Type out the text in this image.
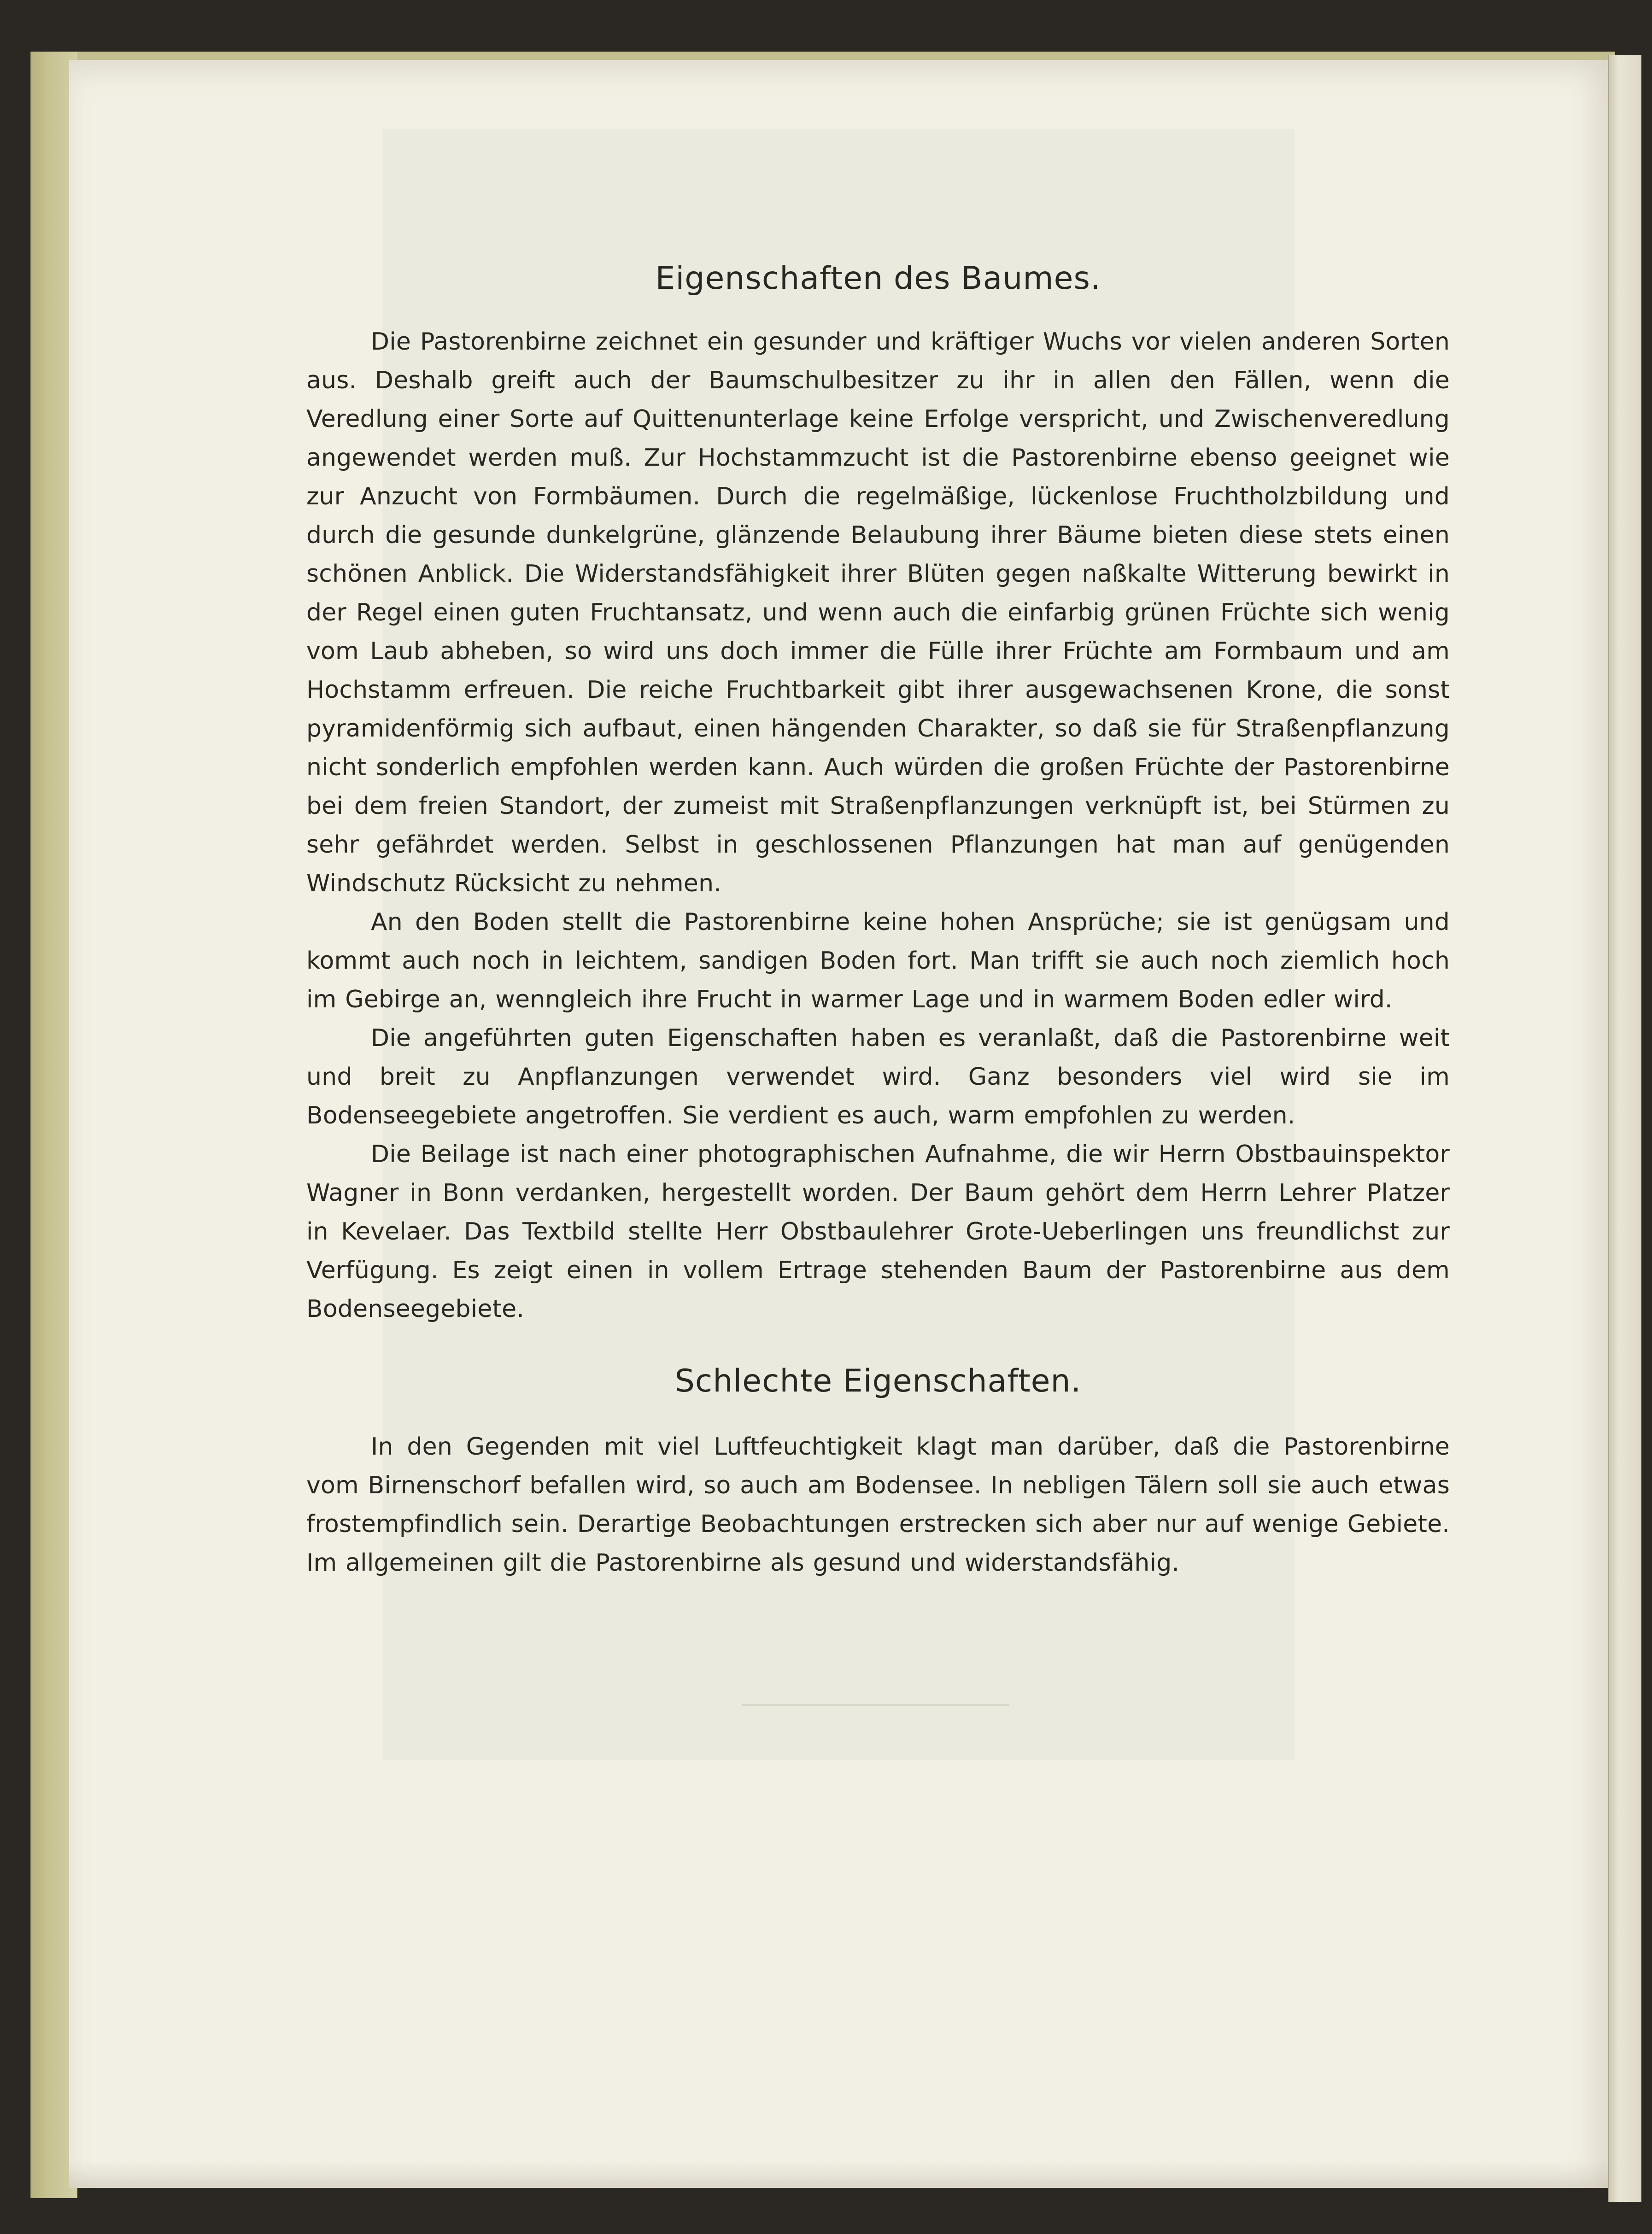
Eigenschaften des Baumes.

Die Pastorenbirne zeichnet ein gesunder und kräftiger Wuchs vor vielen anderen Sorten aus. Deshalb greift auch der Baumschulbesitzer zu ihr in allen den Fällen, wenn die Veredlung einer Sorte auf Quittenunterlage keine Erfolge verspricht, und Zwischenveredlung angewendet werden muß. Zur Hochstammzucht ist die Pastorenbirne ebenso geeignet wie zur Anzucht von Formbäumen. Durch die regelmäßige, lückenlose Fruchtholzbildung und durch die gesunde dunkelgrüne, glänzende Belaubung ihrer Bäume bieten diese stets einen schönen Anblick. Die Widerstandsfähigkeit ihrer Blüten gegen naßkalte Witterung bewirkt in der Regel einen guten Fruchtansatz, und wenn auch die einfarbig grünen Früchte sich wenig vom Laub abheben, so wird uns doch immer die Fülle ihrer Früchte am Formbaum und am Hochstamm erfreuen. Die reiche Fruchtbarkeit gibt ihrer ausgewachsenen Krone, die sonst pyramidenförmig sich aufbaut, einen hängenden Charakter, so daß sie für Straßenpflanzung nicht sonderlich empfohlen werden kann. Auch würden die großen Früchte der Pastorenbirne bei dem freien Standort, der zumeist mit Straßenpflanzungen verknüpft ist, bei Stürmen zu sehr gefährdet werden. Selbst in geschlossenen Pflanzungen hat man auf genügenden Windschutz Rücksicht zu nehmen.

An den Boden stellt die Pastorenbirne keine hohen Ansprüche; sie ist genügsam und kommt auch noch in leichtem, sandigen Boden fort. Man trifft sie auch noch ziemlich hoch im Gebirge an, wenngleich ihre Frucht in warmer Lage und in warmem Boden edler wird.

Die angeführten guten Eigenschaften haben es veranlaßt, daß die Pastorenbirne weit und breit zu Anpflanzungen verwendet wird. Ganz besonders viel wird sie im Bodenseegebiete angetroffen. Sie verdient es auch, warm empfohlen zu werden.

Die Beilage ist nach einer photographischen Aufnahme, die wir Herrn Obstbauinspektor Wagner in Bonn verdanken, hergestellt worden. Der Baum gehört dem Herrn Lehrer Platzer in Kevelaer. Das Textbild stellte Herr Obstbaulehrer Grote-Ueberlingen uns freundlichst zur Verfügung. Es zeigt einen in vollem Ertrage stehenden Baum der Pastorenbirne aus dem Bodenseegebiete.

Schlechte Eigenschaften.

In den Gegenden mit viel Luftfeuchtigkeit klagt man darüber, daß die Pastorenbirne vom Birnenschorf befallen wird, so auch am Bodensee. In nebligen Tälern soll sie auch etwas frostempfindlich sein. Derartige Beobachtungen erstrecken sich aber nur auf wenige Gebiete. Im allgemeinen gilt die Pastorenbirne als gesund und widerstandsfähig.
